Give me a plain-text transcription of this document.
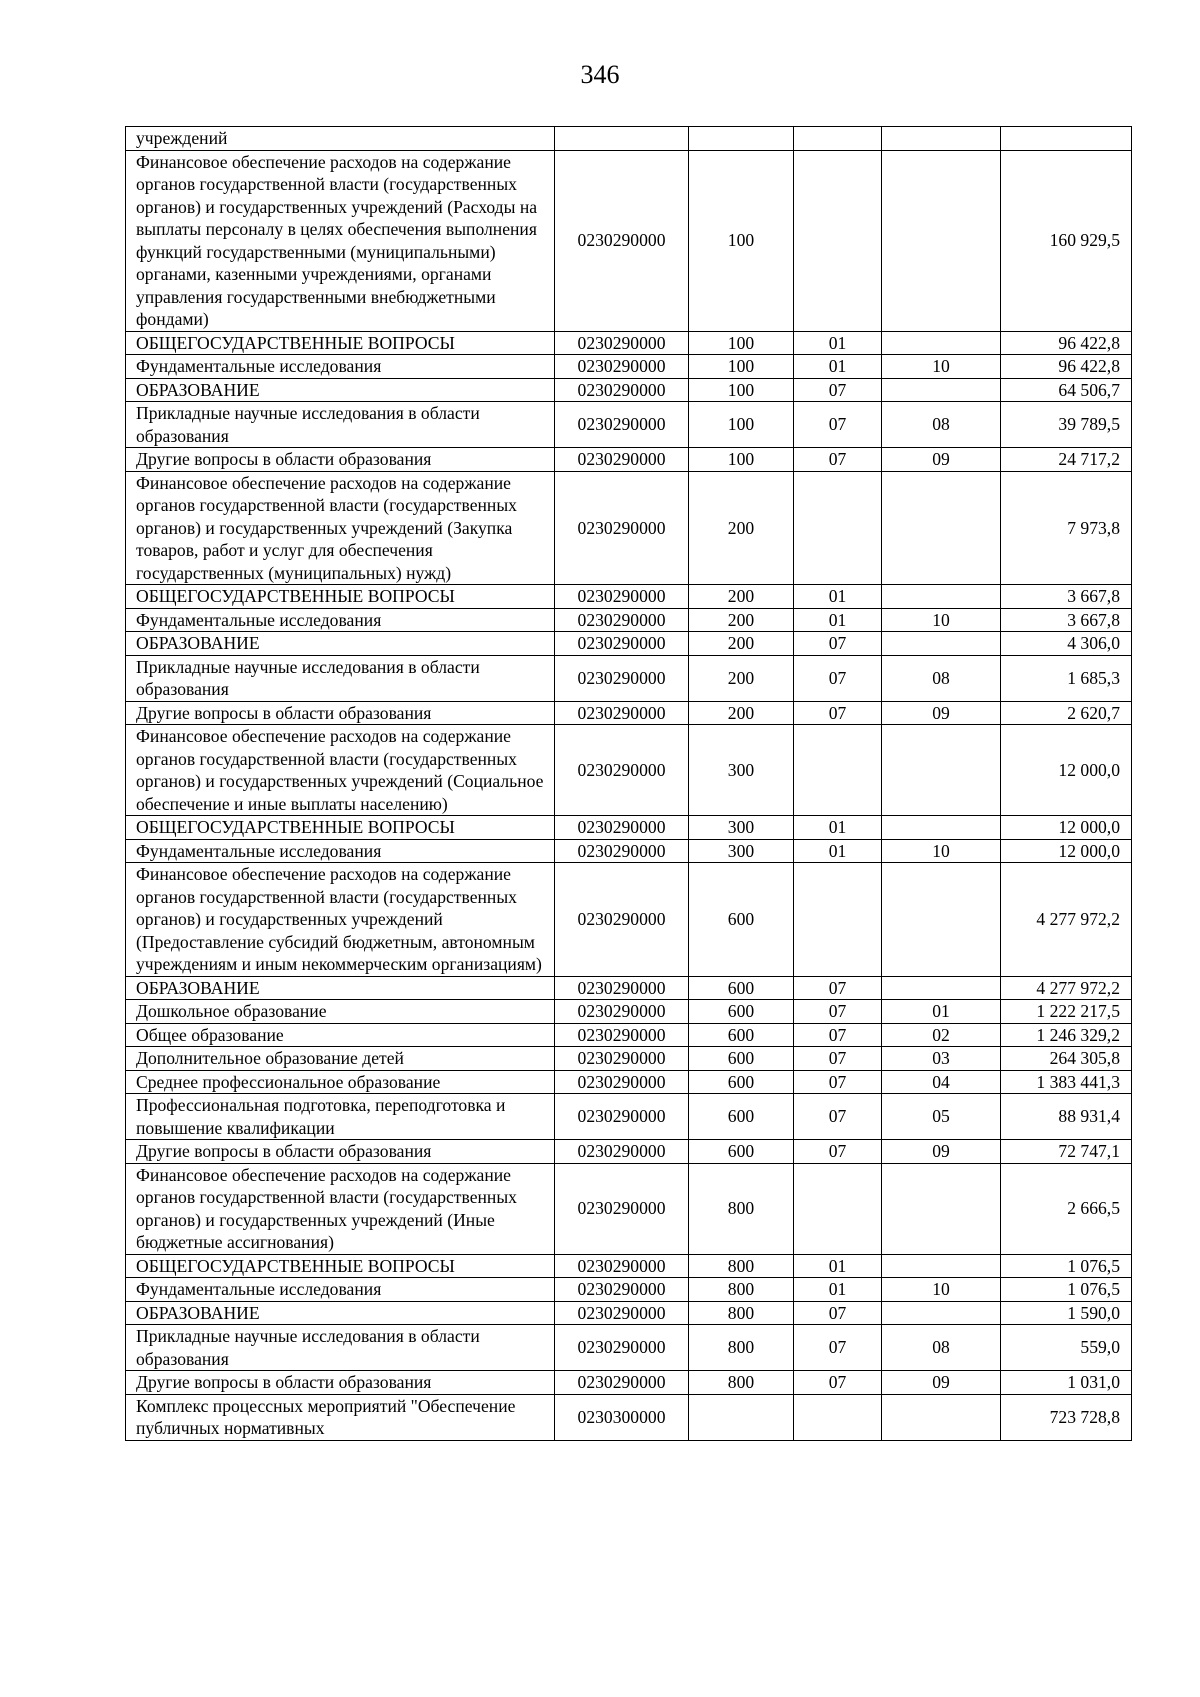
346
учреждений					
Финансовое обеспечение расходов на содержание органов государственной власти (государственных органов) и государственных учреждений (Расходы на выплаты персоналу в целях обеспечения выполнения функций государственными (муниципальными) органами, казенными учреждениями, органами управления государственными внебюджетными фондами)	0230290000	100			160 929,5
ОБЩЕГОСУДАРСТВЕННЫЕ ВОПРОСЫ	0230290000	100	01		96 422,8
Фундаментальные исследования	0230290000	100	01	10	96 422,8
ОБРАЗОВАНИЕ	0230290000	100	07		64 506,7
Прикладные научные исследования в области образования	0230290000	100	07	08	39 789,5
Другие вопросы в области образования	0230290000	100	07	09	24 717,2
Финансовое обеспечение расходов на содержание органов государственной власти (государственных органов) и государственных учреждений (Закупка товаров, работ и услуг для обеспечения государственных (муниципальных) нужд)	0230290000	200			7 973,8
ОБЩЕГОСУДАРСТВЕННЫЕ ВОПРОСЫ	0230290000	200	01		3 667,8
Фундаментальные исследования	0230290000	200	01	10	3 667,8
ОБРАЗОВАНИЕ	0230290000	200	07		4 306,0
Прикладные научные исследования в области образования	0230290000	200	07	08	1 685,3
Другие вопросы в области образования	0230290000	200	07	09	2 620,7
Финансовое обеспечение расходов на содержание органов государственной власти (государственных органов) и государственных учреждений (Социальное обеспечение и иные выплаты населению)	0230290000	300			12 000,0
ОБЩЕГОСУДАРСТВЕННЫЕ ВОПРОСЫ	0230290000	300	01		12 000,0
Фундаментальные исследования	0230290000	300	01	10	12 000,0
Финансовое обеспечение расходов на содержание органов государственной власти (государственных органов) и государственных учреждений (Предоставление субсидий бюджетным, автономным учреждениям и иным некоммерческим организациям)	0230290000	600			4 277 972,2
ОБРАЗОВАНИЕ	0230290000	600	07		4 277 972,2
Дошкольное образование	0230290000	600	07	01	1 222 217,5
Общее образование	0230290000	600	07	02	1 246 329,2
Дополнительное образование детей	0230290000	600	07	03	264 305,8
Среднее профессиональное образование	0230290000	600	07	04	1 383 441,3
Профессиональная подготовка, переподготовка и повышение квалификации	0230290000	600	07	05	88 931,4
Другие вопросы в области образования	0230290000	600	07	09	72 747,1
Финансовое обеспечение расходов на содержание органов государственной власти (государственных органов) и государственных учреждений (Иные бюджетные ассигнования)	0230290000	800			2 666,5
ОБЩЕГОСУДАРСТВЕННЫЕ ВОПРОСЫ	0230290000	800	01		1 076,5
Фундаментальные исследования	0230290000	800	01	10	1 076,5
ОБРАЗОВАНИЕ	0230290000	800	07		1 590,0
Прикладные научные исследования в области образования	0230290000	800	07	08	559,0
Другие вопросы в области образования	0230290000	800	07	09	1 031,0
Комплекс процессных мероприятий "Обеспечение публичных нормативных	0230300000				723 728,8
